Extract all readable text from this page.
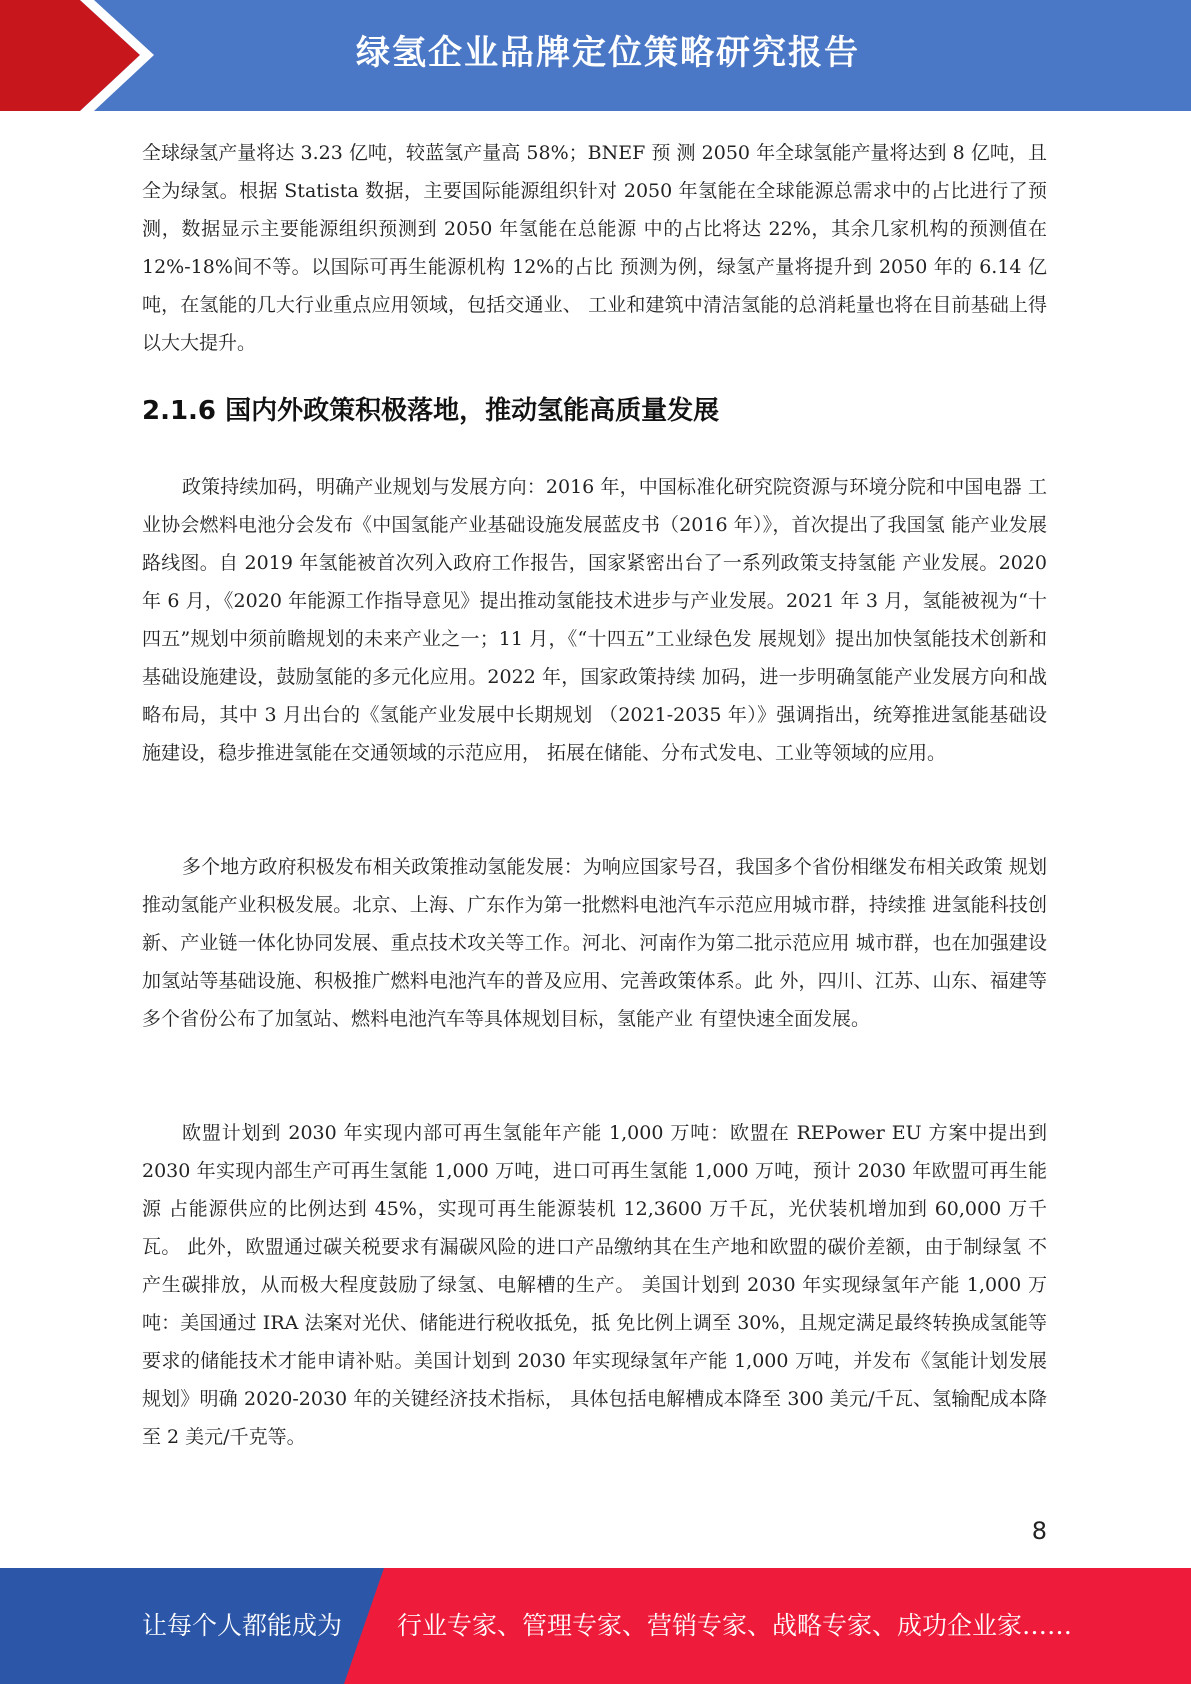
绿氢企业品牌定位策略研究报告

全球绿氢产量将达 3.23 亿吨，较蓝氢产量高 58%；BNEF 预 测 2050 年全球氢能产量将达到 8 亿吨，且全为绿氢。根据 Statista 数据，主要国际能源组织针对 2050 年氢能在全球能源总需求中的占比进行了预测，数据显示主要能源组织预测到 2050 年氢能在总能源 中的占比将达 22%，其余几家机构的预测值在 12%-18%间不等。以国际可再生能源机构 12%的占比 预测为例，绿氢产量将提升到 2050 年的 6.14 亿吨，在氢能的几大行业重点应用领域，包括交通业、 工业和建筑中清洁氢能的总消耗量也将在目前基础上得以大大提升。

2.1.6 国内外政策积极落地，推动氢能高质量发展

政策持续加码，明确产业规划与发展方向：2016 年，中国标准化研究院资源与环境分院和中国电器 工业协会燃料电池分会发布《中国氢能产业基础设施发展蓝皮书（2016 年）》，首次提出了我国氢 能产业发展路线图。自 2019 年氢能被首次列入政府工作报告，国家紧密出台了一系列政策支持氢能 产业发展。2020 年 6 月，《2020 年能源工作指导意见》提出推动氢能技术进步与产业发展。2021 年 3 月，氢能被视为“十四五”规划中须前瞻规划的未来产业之一；11 月，《“十四五”工业绿色发 展规划》提出加快氢能技术创新和基础设施建设，鼓励氢能的多元化应用。2022 年，国家政策持续 加码，进一步明确氢能产业发展方向和战略布局，其中 3 月出台的《氢能产业发展中长期规划 （2021-2035 年）》强调指出，统筹推进氢能基础设施建设，稳步推进氢能在交通领域的示范应用， 拓展在储能、分布式发电、工业等领域的应用。

多个地方政府积极发布相关政策推动氢能发展：为响应国家号召，我国多个省份相继发布相关政策 规划推动氢能产业积极发展。北京、上海、广东作为第一批燃料电池汽车示范应用城市群，持续推 进氢能科技创新、产业链一体化协同发展、重点技术攻关等工作。河北、河南作为第二批示范应用 城市群，也在加强建设加氢站等基础设施、积极推广燃料电池汽车的普及应用、完善政策体系。此 外，四川、江苏、山东、福建等多个省份公布了加氢站、燃料电池汽车等具体规划目标，氢能产业 有望快速全面发展。

欧盟计划到 2030 年实现内部可再生氢能年产能 1,000 万吨：欧盟在 REPower EU 方案中提出到 2030 年实现内部生产可再生氢能 1,000 万吨，进口可再生氢能 1,000 万吨，预计 2030 年欧盟可再生能源 占能源供应的比例达到 45%，实现可再生能源装机 12,3600 万千瓦，光伏装机增加到 60,000 万千瓦。 此外，欧盟通过碳关税要求有漏碳风险的进口产品缴纳其在生产地和欧盟的碳价差额，由于制绿氢 不产生碳排放，从而极大程度鼓励了绿氢、电解槽的生产。 美国计划到 2030 年实现绿氢年产能 1,000 万吨：美国通过 IRA 法案对光伏、储能进行税收抵免，抵 免比例上调至 30%，且规定满足最终转换成氢能等要求的储能技术才能申请补贴。美国计划到 2030 年实现绿氢年产能 1,000 万吨，并发布《氢能计划发展规划》明确 2020-2030 年的关键经济技术指标， 具体包括电解槽成本降至 300 美元/千瓦、氢输配成本降至 2 美元/千克等。

8
让每个人都能成为 行业专家、管理专家、营销专家、战略专家、成功企业家……
